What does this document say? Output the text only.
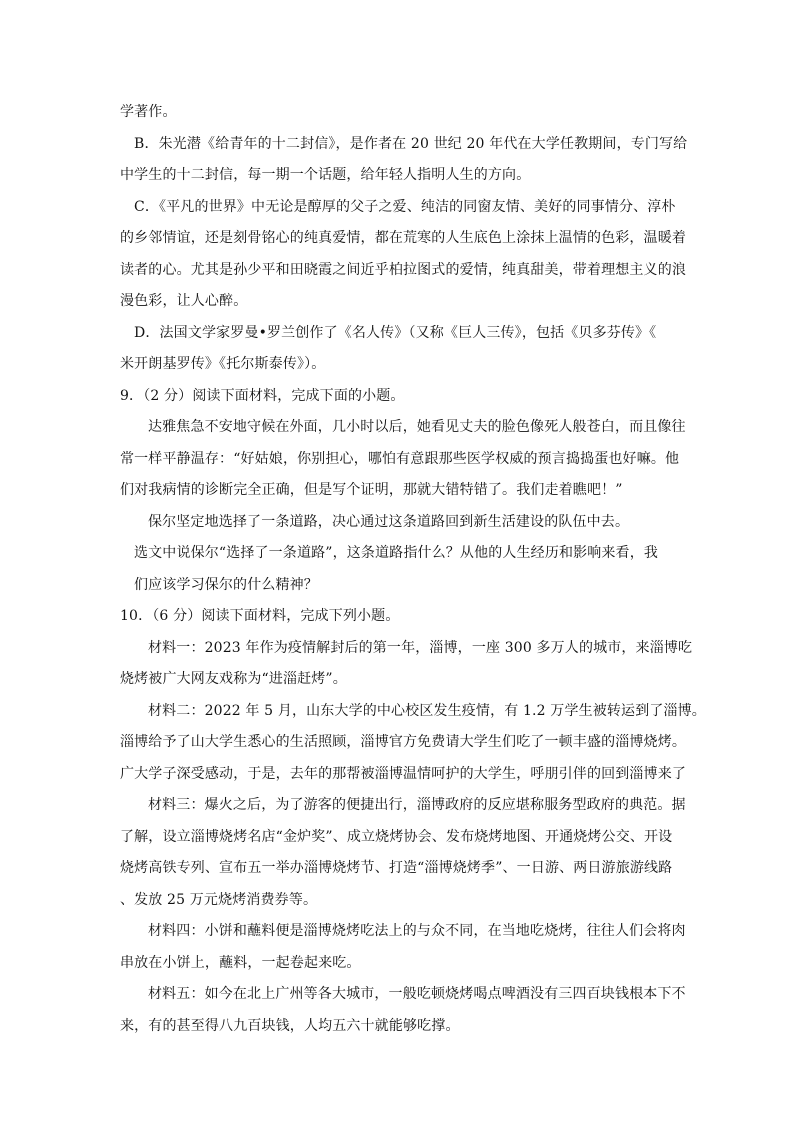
学著作。
B．朱光潜《给青年的十二封信》，是作者在 20 世纪 20 年代在大学任教期间，专门写给
中学生的十二封信，每一期一个话题，给年轻人指明人生的方向。
C．《平凡的世界》中无论是醇厚的父子之爱、纯洁的同窗友情、美好的同事情分、淳朴
的乡邻情谊，还是刻骨铭心的纯真爱情，都在荒寒的人生底色上涂抹上温情的色彩，温暖着
读者的心。尤其是孙少平和田晓霞之间近乎柏拉图式的爱情，纯真甜美，带着理想主义的浪
漫色彩，让人心醉。
D．法国文学家罗曼•罗兰创作了《名人传》（又称《巨人三传》，包括《贝多芬传》《
米开朗基罗传》《托尔斯泰传》）。
9．（2 分）阅读下面材料，完成下面的小题。
达雅焦急不安地守候在外面，几小时以后，她看见丈夫的脸色像死人般苍白，而且像往
常一样平静温存：“好姑娘，你别担心，哪怕有意跟那些医学权威的预言捣捣蛋也好嘛。他
们对我病情的诊断完全正确，但是写个证明，那就大错特错了。我们走着瞧吧！”
保尔坚定地选择了一条道路，决心通过这条道路回到新生活建设的队伍中去。
选文中说保尔“选择了一条道路”，这条道路指什么？从他的人生经历和影响来看，我
们应该学习保尔的什么精神？
10．（6 分）阅读下面材料，完成下列小题。
材料一：2023 年作为疫情解封后的第一年，淄博，一座 300 多万人的城市，来淄博吃
烧烤被广大网友戏称为“进淄赶烤”。
材料二：2022 年 5 月，山东大学的中心校区发生疫情，有 1.2 万学生被转运到了淄博。
淄博给予了山大学生悉心的生活照顾，淄博官方免费请大学生们吃了一顿丰盛的淄博烧烤。
广大学子深受感动，于是，去年的那帮被淄博温情呵护的大学生，呼朋引伴的回到淄博来了
材料三：爆火之后，为了游客的便捷出行，淄博政府的反应堪称服务型政府的典范。据
了解，设立淄博烧烤名店“金炉奖”、成立烧烤协会、发布烧烤地图、开通烧烤公交、开设
烧烤高铁专列、宣布五一举办淄博烧烤节、打造“淄博烧烤季”、一日游、两日游旅游线路
、发放 25 万元烧烤消费券等。
材料四：小饼和蘸料便是淄博烧烤吃法上的与众不同，在当地吃烧烤，往往人们会将肉
串放在小饼上，蘸料，一起卷起来吃。
材料五：如今在北上广州等各大城市，一般吃顿烧烤喝点啤酒没有三四百块钱根本下不
来，有的甚至得八九百块钱，人均五六十就能够吃撑。
